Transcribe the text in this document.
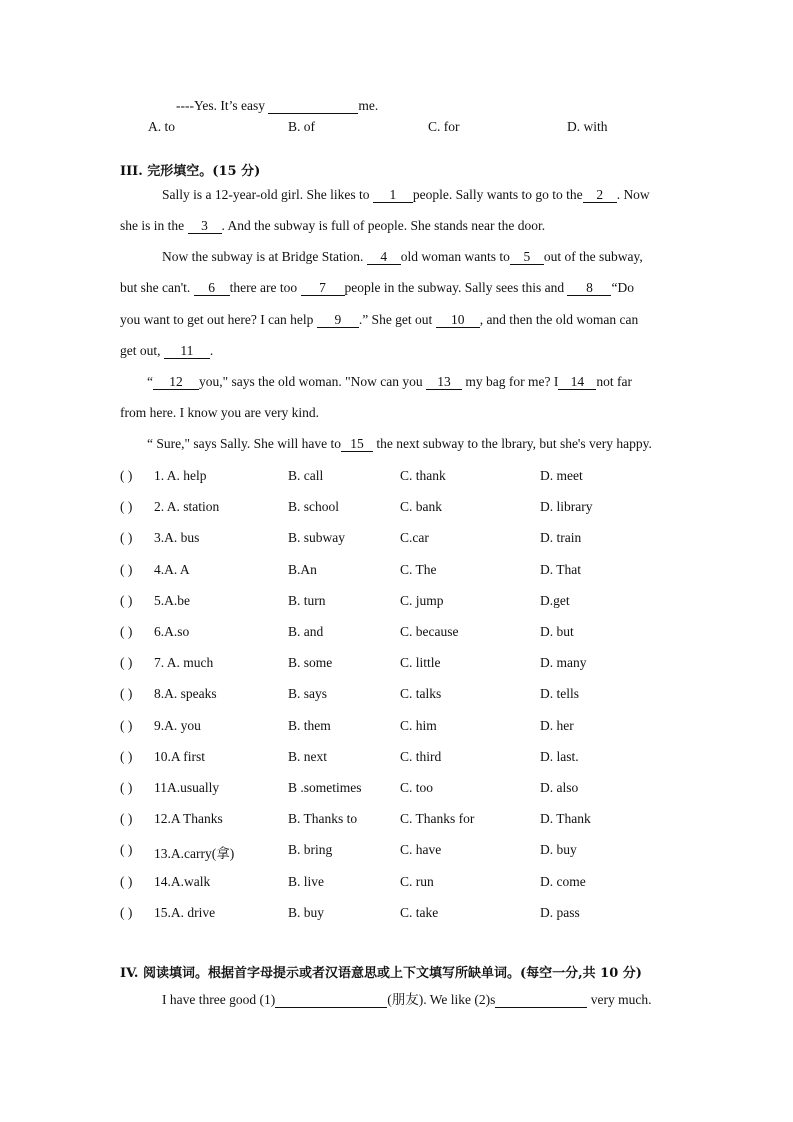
----Yes. It’s easy	me.
A. to	B. of	C. for	D. with
III. 完形填空。(15 分)
Sally is a 12-year-old girl. She likes to 1 people. Sally wants to go to the 2 . Now
she is in the 3 . And the subway is full of people. She stands near the door.
Now the subway is at Bridge Station. 4 old woman wants to 5 out of the subway,
but she can't. 6 there are too 7 people in the subway. Sally sees this and 8 “Do
you want to get out here? I can help 9 .” She get out 10 , and then the old woman can
get out, 11 .
“ 12 you," says the old woman. "Now can you 13 my bag for me? I 14 not far
from here. I know you are very kind.
“ Sure," says Sally. She will have to 15 the next subway to the lbrary, but she's very happy.
( ) 1. A. help	B. call	C. thank	D. meet
( ) 2. A. station	B. school	C. bank	D. library
( ) 3.A. bus	B. subway	C.car	D. train
( ) 4.A. A	B.An	C. The	D. That
( ) 5.A.be	B. turn	C. jump	D.get
( ) 6.A.so	B. and	C. because	D. but
( ) 7. A. much	B. some	C. little	D. many
( ) 8.A. speaks	B. says	C. talks	D. tells
( ) 9.A. you	B. them	C. him	D. her
( ) 10.A first	B. next	C. third	D. last.
( ) 11A.usually	B .sometimes	C. too	D. also
( ) 12.A Thanks	B. Thanks to	C. Thanks for	D. Thank
( ) 13.A.carry(拿)	B. bring	C. have	D. buy
( ) 14.A.walk	B. live	C. run	D. come
( ) 15.A. drive	B. buy	C. take	D. pass
IV. 阅读填词。根据首字母提示或者汉语意思或上下文填写所缺单词。(每空一分,共 10 分)
I have three good (1)	(朋友). We like (2)s	very much.
